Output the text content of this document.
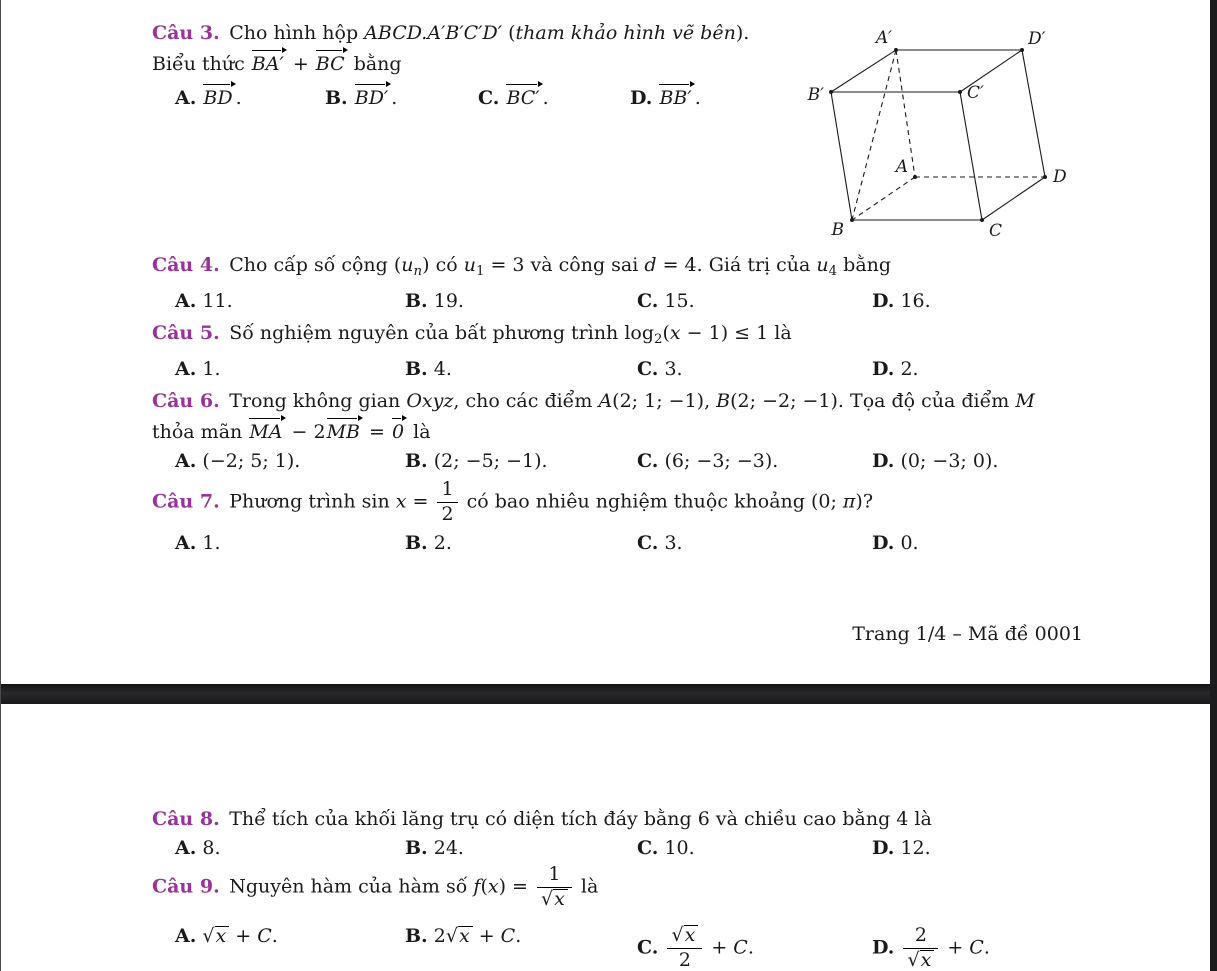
Câu 3.  Cho hình hộp ABCD.A′B′C′D′ (tham khảo hình vẽ bên).
Biểu thức BA′ + BC bằng
A. BD .	B. BD′ .	C. BC′ .	D. BB′ .
A′	D′
B′	C′
A	D
B	C
Câu 4.  Cho cấp số cộng $(u_n)$ có $u_1 = 3$ và công sai d = 4. Giá trị của $u_4$ bằng
A. 11.	B. 19.	C. 15.	D. 16.
Câu 5.  Số nghiệm nguyên của bất phương trình $\log_2(x - 1) \le 1$ là
A. 1.	B. 4.	C. 3.	D. 2.
Câu 6.  Trong không gian Oxyz, cho các điểm A(2; 1; −1), B(2; −2; −1). Tọa độ của điểm M
thỏa mãn MA − 2MB = 0 là
A. (−2; 5; 1).	B. (2; −5; −1).	C. (6; −3; −3).	D. (0; −3; 0).
Câu 7.  Phương trình $\sin x = \frac{1}{2}$ có bao nhiêu nghiệm thuộc khoảng (0; π)?
A. 1.	B. 2.	C. 3.	D. 0.
Trang 1/4 – Mã đề 0001
Câu 8.  Thể tích của khối lăng trụ có diện tích đáy bằng 6 và chiều cao bằng 4 là
A. 8.	B. 24.	C. 10.	D. 12.
Câu 9.  Nguyên hàm của hàm số $f(x) = \frac{1}{√x}$ là
A. √x + C.	B. 2√x + C.
C. $\frac{√x}{2} + C$.	D. $\frac{2}{√x} + C$.
